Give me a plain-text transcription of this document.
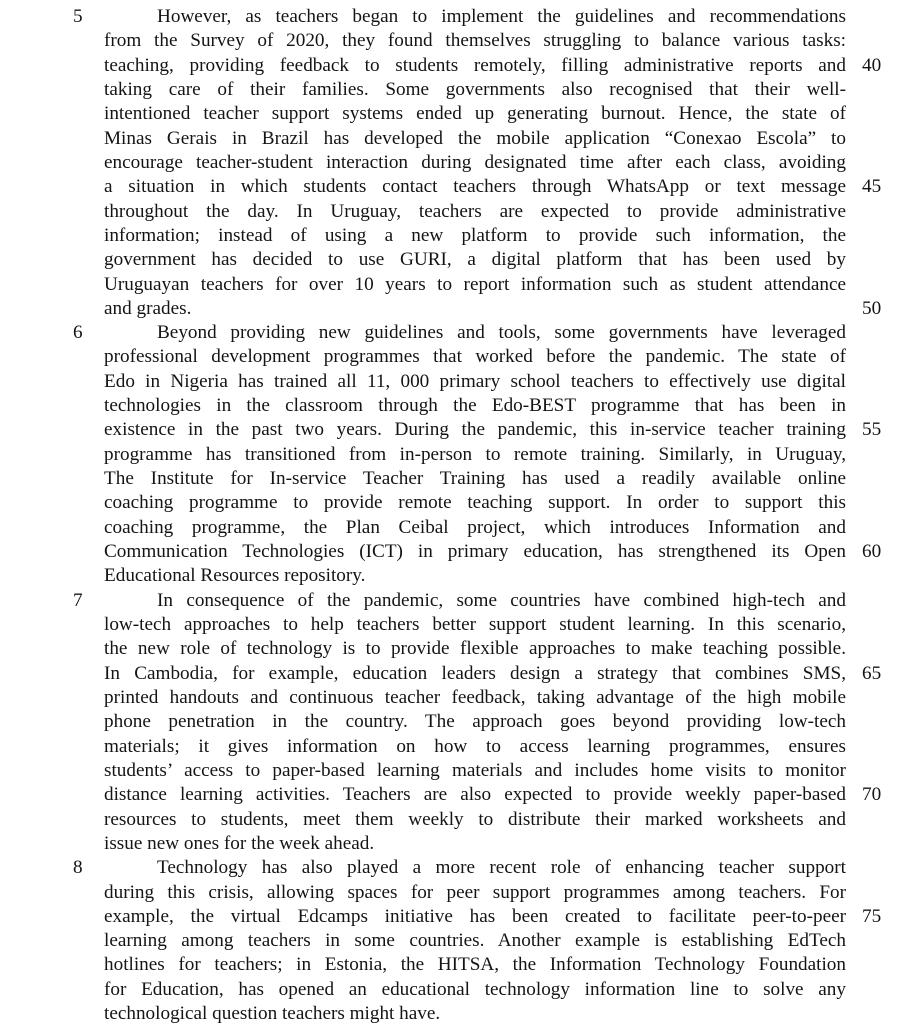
5	However, as teachers began to implement the guidelines and recommendations
from the Survey of 2020, they found themselves struggling to balance various tasks:
teaching, providing feedback to students remotely, filling administrative reports and
taking care of their families. Some governments also recognised that their well-
intentioned teacher support systems ended up generating burnout. Hence, the state of
Minas Gerais in Brazil has developed the mobile application “Conexao Escola” to
encourage teacher-student interaction during designated time after each class, avoiding
a situation in which students contact teachers through WhatsApp or text message
throughout the day. In Uruguay, teachers are expected to provide administrative
information; instead of using a new platform to provide such information, the
government has decided to use GURI, a digital platform that has been used by
Uruguayan teachers for over 10 years to report information such as student attendance
and grades.
6	Beyond providing new guidelines and tools, some governments have leveraged
professional development programmes that worked before the pandemic. The state of
Edo in Nigeria has trained all 11, 000 primary school teachers to effectively use digital
technologies in the classroom through the Edo-BEST programme that has been in
existence in the past two years. During the pandemic, this in-service teacher training
programme has transitioned from in-person to remote training. Similarly, in Uruguay,
The Institute for In-service Teacher Training has used a readily available online
coaching programme to provide remote teaching support. In order to support this
coaching programme, the Plan Ceibal project, which introduces Information and
Communication Technologies (ICT) in primary education, has strengthened its Open
Educational Resources repository.
7	In consequence of the pandemic, some countries have combined high-tech and
low-tech approaches to help teachers better support student learning. In this scenario,
the new role of technology is to provide flexible approaches to make teaching possible.
In Cambodia, for example, education leaders design a strategy that combines SMS,
printed handouts and continuous teacher feedback, taking advantage of the high mobile
phone penetration in the country. The approach goes beyond providing low-tech
materials; it gives information on how to access learning programmes, ensures
students’ access to paper-based learning materials and includes home visits to monitor
distance learning activities. Teachers are also expected to provide weekly paper-based
resources to students, meet them weekly to distribute their marked worksheets and
issue new ones for the week ahead.
8	Technology has also played a more recent role of enhancing teacher support
during this crisis, allowing spaces for peer support programmes among teachers. For
example, the virtual Edcamps initiative has been created to facilitate peer-to-peer
learning among teachers in some countries. Another example is establishing EdTech
hotlines for teachers; in Estonia, the HITSA, the Information Technology Foundation
for Education, has opened an educational technology information line to solve any
technological question teachers might have.
40
45
50
55
60
65
70
75
